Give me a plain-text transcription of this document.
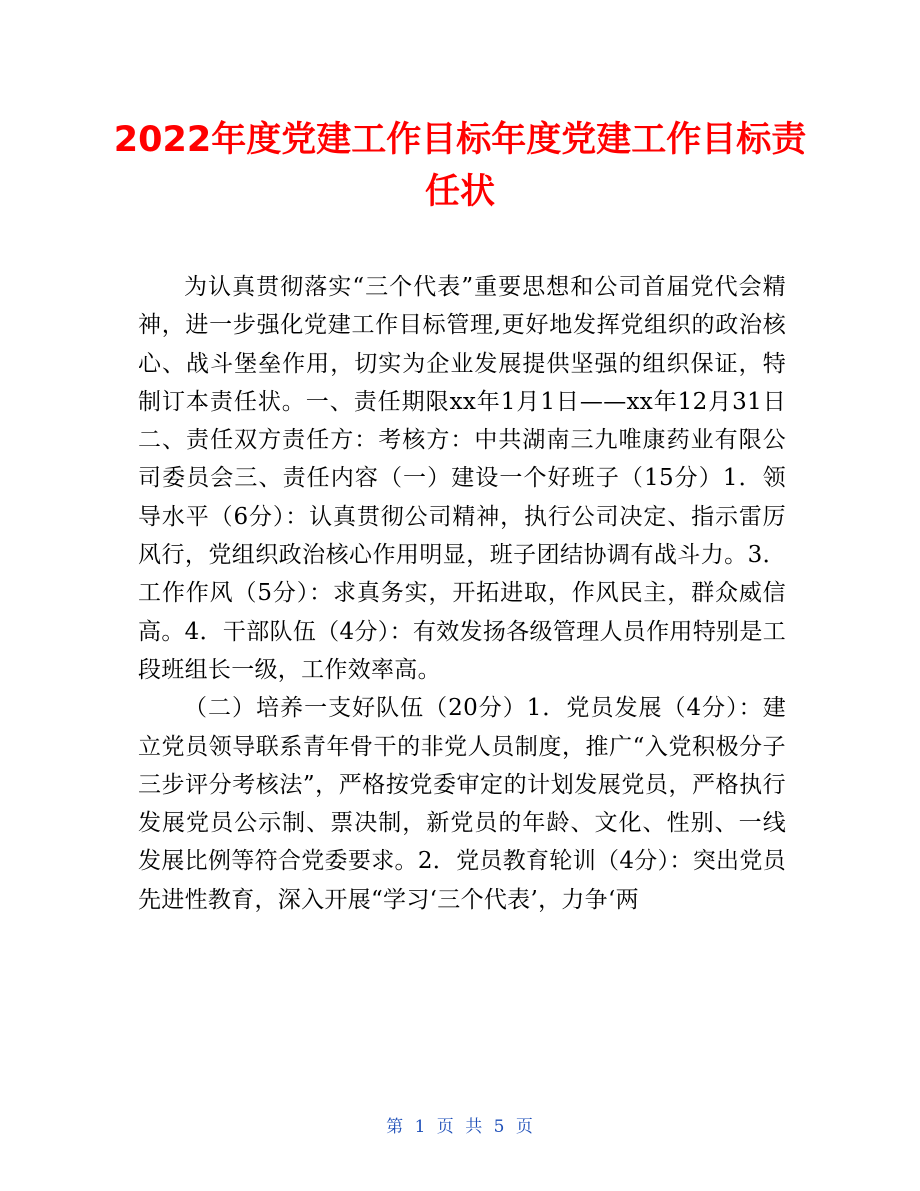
2022年度党建工作目标年度党建工作目标责任状

为认真贯彻落实“三个代表”重要思想和公司首届党代会精神，进一步强化党建工作目标管理,更好地发挥党组织的政治核心、战斗堡垒作用，切实为企业发展提供坚强的组织保证，特制订本责任状。一、责任期限xx年1月1日——xx年12月31日二、责任双方责任方：考核方：中共湖南三九唯康药业有限公司委员会三、责任内容（一）建设一个好班子（15分）1．领导水平（6分）：认真贯彻公司精神，执行公司决定、指示雷厉风行，党组织政治核心作用明显，班子团结协调有战斗力。3．工作作风（5分）：求真务实，开拓进取，作风民主，群众威信高。4．干部队伍（4分）：有效发扬各级管理人员作用特别是工段班组长一级，工作效率高。

（二）培养一支好队伍（20分）1．党员发展（4分）：建立党员领导联系青年骨干的非党人员制度，推广“入党积极分子三步评分考核法”，严格按党委审定的计划发展党员，严格执行发展党员公示制、票决制，新党员的年龄、文化、性别、一线发展比例等符合党委要求。2．党员教育轮训（4分）：突出党员先进性教育，深入开展“学习‘三个代表’，力争‘两

第 1 页 共 5 页
